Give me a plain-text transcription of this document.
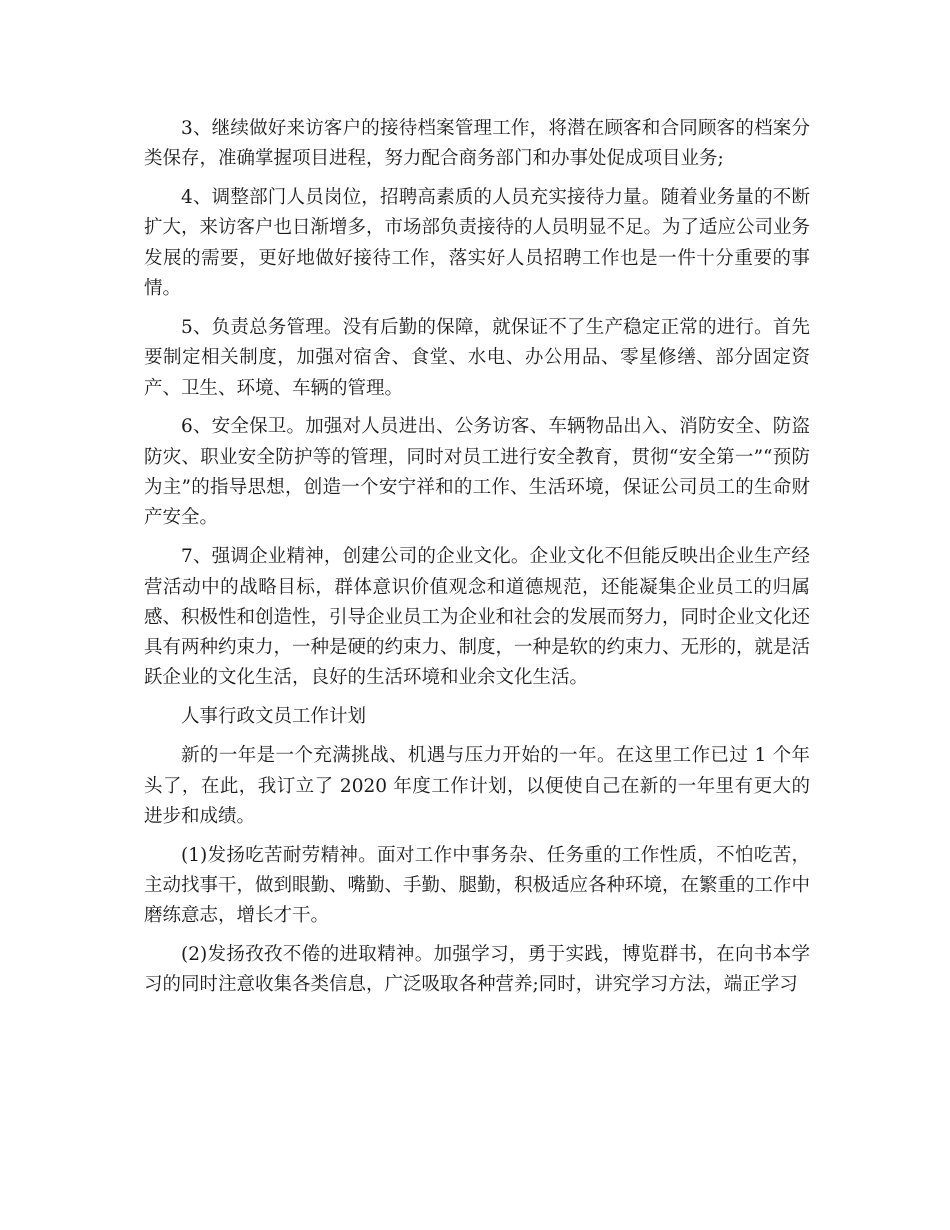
3、继续做好来访客户的接待档案管理工作，将潜在顾客和合同顾客的档案分类保存，准确掌握项目进程，努力配合商务部门和办事处促成项目业务;

4、调整部门人员岗位，招聘高素质的人员充实接待力量。随着业务量的不断扩大，来访客户也日渐增多，市场部负责接待的人员明显不足。为了适应公司业务发展的需要，更好地做好接待工作，落实好人员招聘工作也是一件十分重要的事情。

5、负责总务管理。没有后勤的保障，就保证不了生产稳定正常的进行。首先要制定相关制度，加强对宿舍、食堂、水电、办公用品、零星修缮、部分固定资产、卫生、环境、车辆的管理。

6、安全保卫。加强对人员进出、公务访客、车辆物品出入、消防安全、防盗防灾、职业安全防护等的管理，同时对员工进行安全教育，贯彻“安全第一”“预防为主”的指导思想，创造一个安宁祥和的工作、生活环境，保证公司员工的生命财产安全。

7、强调企业精神，创建公司的企业文化。企业文化不但能反映出企业生产经营活动中的战略目标，群体意识价值观念和道德规范，还能凝集企业员工的归属感、积极性和创造性，引导企业员工为企业和社会的发展而努力，同时企业文化还具有两种约束力，一种是硬的约束力、制度，一种是软的约束力、无形的，就是活跃企业的文化生活，良好的生活环境和业余文化生活。

人事行政文员工作计划

新的一年是一个充满挑战、机遇与压力开始的一年。在这里工作已过 1 个年头了，在此，我订立了 2020 年度工作计划，以便使自己在新的一年里有更大的进步和成绩。

(1)发扬吃苦耐劳精神。面对工作中事务杂、任务重的工作性质，不怕吃苦，主动找事干，做到眼勤、嘴勤、手勤、腿勤，积极适应各种环境，在繁重的工作中磨练意志，增长才干。

(2)发扬孜孜不倦的进取精神。加强学习，勇于实践，博览群书，在向书本学习的同时注意收集各类信息，广泛吸取各种营养;同时，讲究学习方法，端正学习
